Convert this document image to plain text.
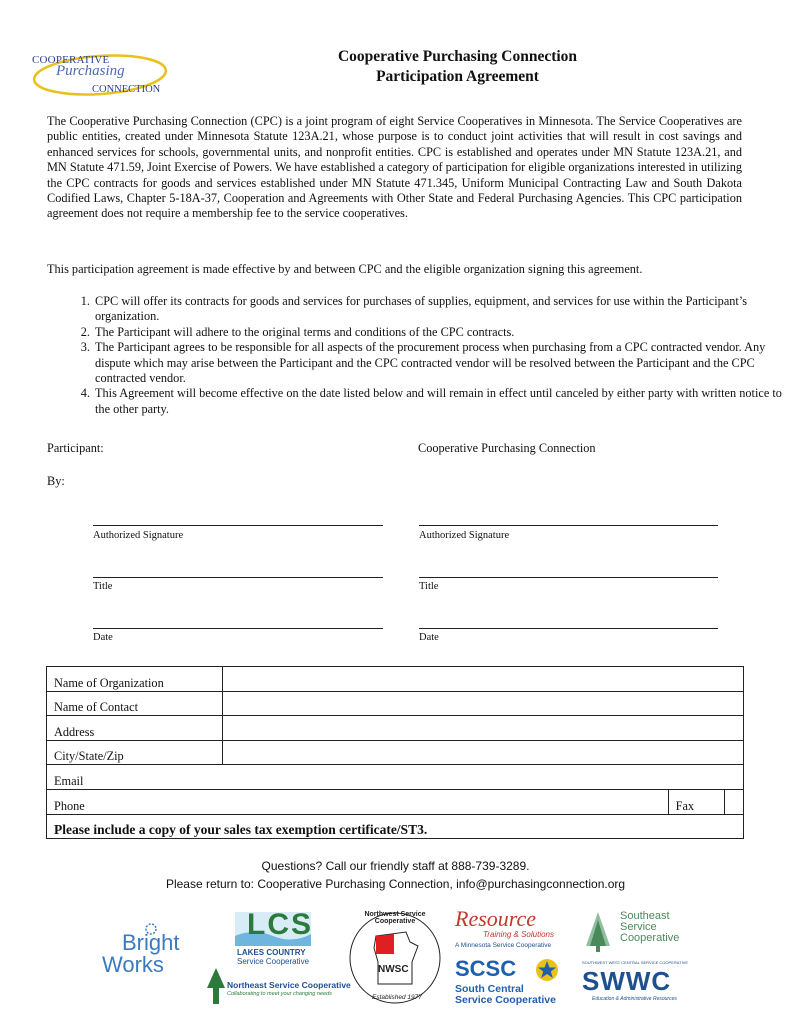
COOPERATIVE
Purchasing
CONNECTION
Cooperative Purchasing Connection
Participation Agreement
The Cooperative Purchasing Connection (CPC) is a joint program of eight Service Cooperatives in Minnesota. The Service Cooperatives are public entities, created under Minnesota Statute 123A.21, whose purpose is to conduct joint activities that will result in cost savings and enhanced services for schools, governmental units, and nonprofit entities. CPC is established and operates under MN Statute 123A.21, and MN Statute 471.59, Joint Exercise of Powers. We have established a category of participation for eligible organizations interested in utilizing the CPC contracts for goods and services established under MN Statute 471.345, Uniform Municipal Contracting Law and South Dakota Codified Laws, Chapter 5-18A-37, Cooperation and Agreements with Other State and Federal Purchasing Agencies. This CPC participation agreement does not require a membership fee to the service cooperatives.
This participation agreement is made effective by and between CPC and the eligible organization signing this agreement.
1. CPC will offer its contracts for goods and services for purchases of supplies, equipment, and services for use within the Participant’s organization.
2. The Participant will adhere to the original terms and conditions of the CPC contracts.
3. The Participant agrees to be responsible for all aspects of the procurement process when purchasing from a CPC contracted vendor. Any dispute which may arise between the Participant and the CPC contracted vendor will be resolved between the Participant and the CPC contracted vendor.
4. This Agreement will become effective on the date listed below and will remain in effect until canceled by either party with written notice to the other party.
Participant:	Cooperative Purchasing Connection
By:
Authorized Signature	Authorized Signature
Title	Title
Date	Date
Name of Organization			
Name of Contact			
Address			
City/State/Zip			
Email			
Phone		Fax	
Please include a copy of your sales tax exemption certificate/ST3.			
Questions? Call our friendly staff at 888-739-3289.
Please return to: Cooperative Purchasing Connection, info@purchasingconnection.org
Bright
Works
LCS
LAKES COUNTRY
Service Cooperative
Northeast Service Cooperative
Collaborating to meet your changing needs
Northwest Service Cooperative
NWSC
Established 1977
Resource
Training & Solutions
A Minnesota Service Cooperative
SCSC
South Central
Service Cooperative
Southeast
Service
Cooperative
SOUTHWEST WEST CENTRAL SERVICE COOPERATIVE
SWWC
Education & Administrative Resources
